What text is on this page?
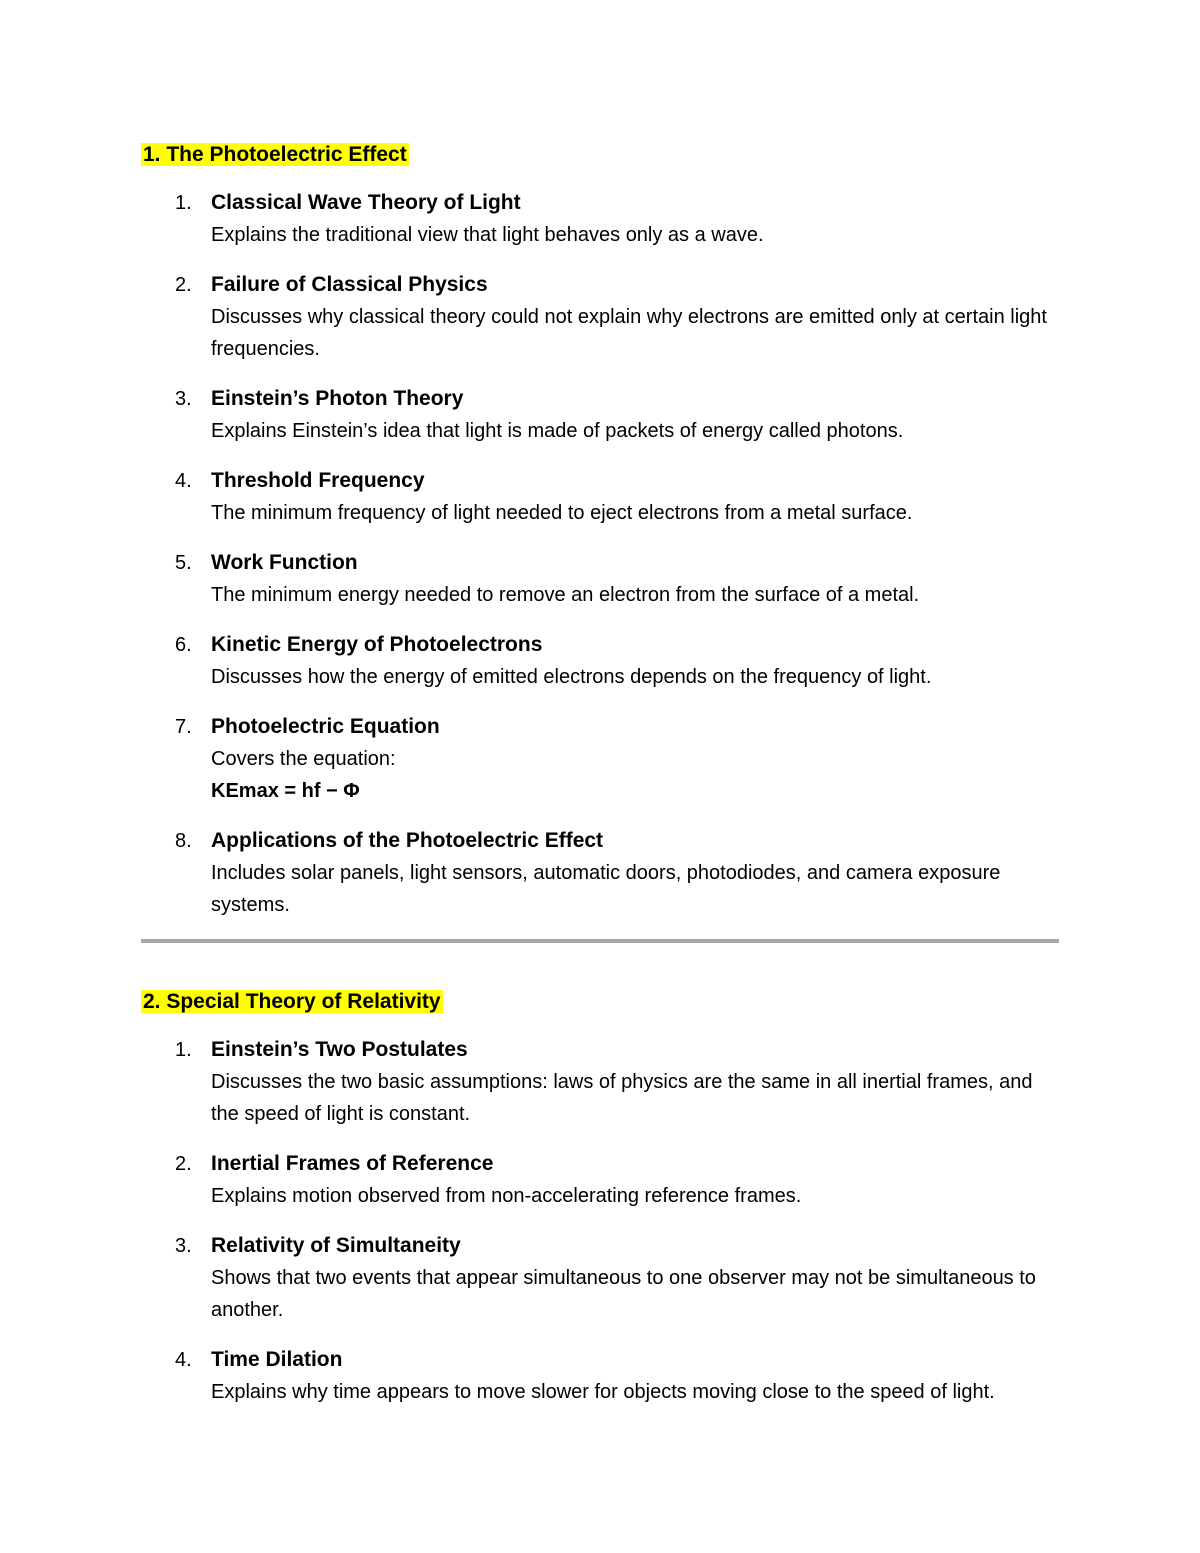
1. The Photoelectric Effect
1. Classical Wave Theory of Light
Explains the traditional view that light behaves only as a wave.
2. Failure of Classical Physics
Discusses why classical theory could not explain why electrons are emitted only at certain light frequencies.
3. Einstein’s Photon Theory
Explains Einstein’s idea that light is made of packets of energy called photons.
4. Threshold Frequency
The minimum frequency of light needed to eject electrons from a metal surface.
5. Work Function
The minimum energy needed to remove an electron from the surface of a metal.
6. Kinetic Energy of Photoelectrons
Discusses how the energy of emitted electrons depends on the frequency of light.
7. Photoelectric Equation
Covers the equation:
KEmax = hf − Φ
8. Applications of the Photoelectric Effect
Includes solar panels, light sensors, automatic doors, photodiodes, and camera exposure systems.
2. Special Theory of Relativity
1. Einstein’s Two Postulates
Discusses the two basic assumptions: laws of physics are the same in all inertial frames, and the speed of light is constant.
2. Inertial Frames of Reference
Explains motion observed from non-accelerating reference frames.
3. Relativity of Simultaneity
Shows that two events that appear simultaneous to one observer may not be simultaneous to another.
4. Time Dilation
Explains why time appears to move slower for objects moving close to the speed of light.
